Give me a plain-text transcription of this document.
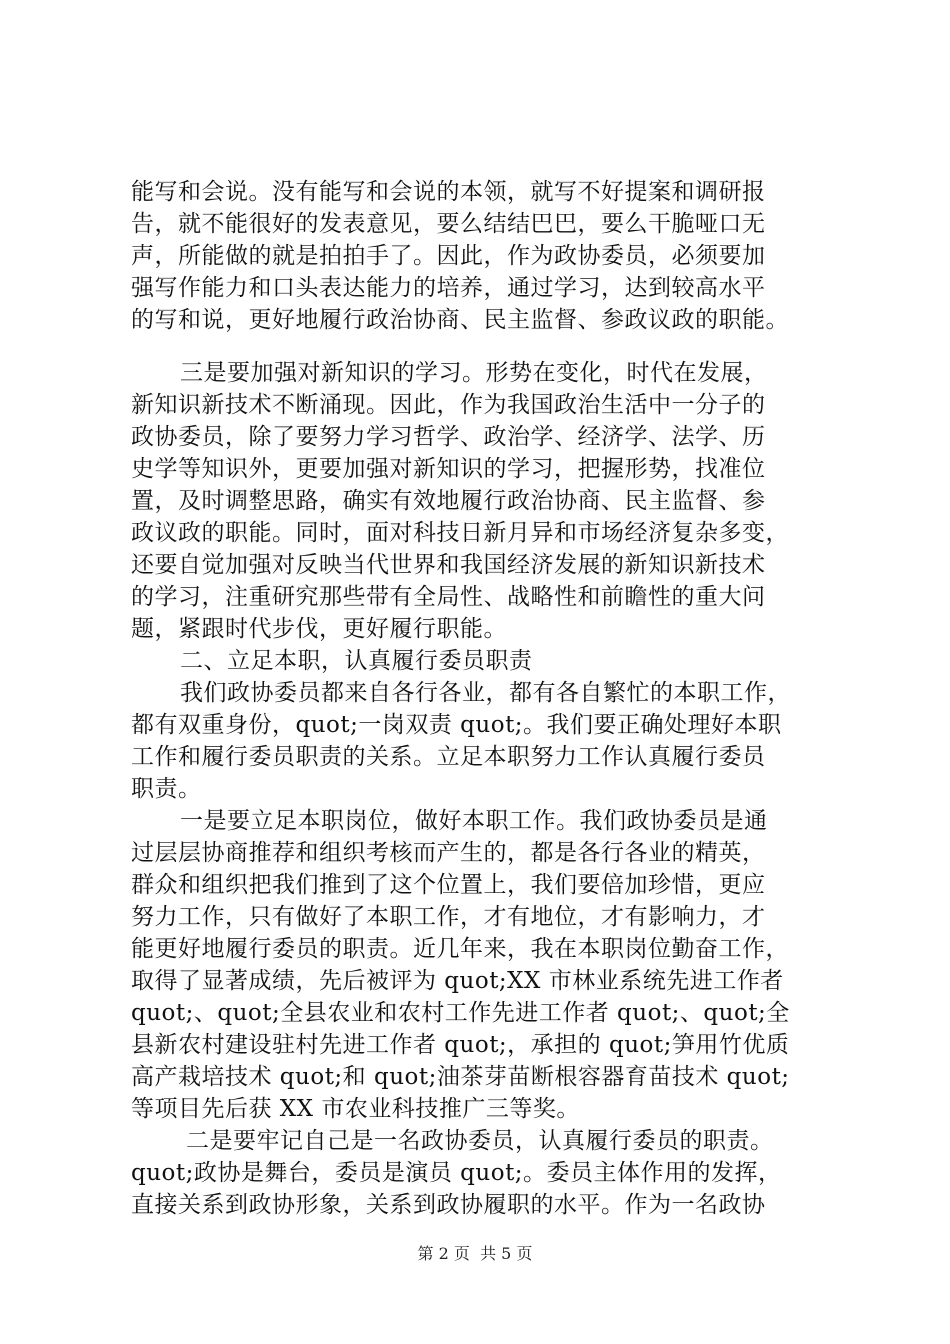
能写和会说。没有能写和会说的本领，就写不好提案和调研报
告，就不能很好的发表意见，要么结结巴巴，要么干脆哑口无
声，所能做的就是拍拍手了。因此，作为政协委员，必须要加
强写作能力和口头表达能力的培养，通过学习，达到较高水平
的写和说，更好地履行政治协商、民主监督、参政议政的职能。
三是要加强对新知识的学习。形势在变化，时代在发展，
新知识新技术不断涌现。因此，作为我国政治生活中一分子的
政协委员，除了要努力学习哲学、政治学、经济学、法学、历
史学等知识外，更要加强对新知识的学习，把握形势，找准位
置，及时调整思路，确实有效地履行政治协商、民主监督、参
政议政的职能。同时，面对科技日新月异和市场经济复杂多变，
还要自觉加强对反映当代世界和我国经济发展的新知识新技术
的学习，注重研究那些带有全局性、战略性和前瞻性的重大问
题，紧跟时代步伐，更好履行职能。
二、立足本职，认真履行委员职责
我们政协委员都来自各行各业，都有各自繁忙的本职工作，
都有双重身份，quot;一岗双责 quot;。我们要正确处理好本职
工作和履行委员职责的关系。立足本职努力工作认真履行委员
职责。
一是要立足本职岗位，做好本职工作。我们政协委员是通
过层层协商推荐和组织考核而产生的，都是各行各业的精英，
群众和组织把我们推到了这个位置上，我们要倍加珍惜，更应
努力工作，只有做好了本职工作，才有地位，才有影响力，才
能更好地履行委员的职责。近几年来，我在本职岗位勤奋工作，
取得了显著成绩，先后被评为 quot;XX 市林业系统先进工作者
quot;、quot;全县农业和农村工作先进工作者 quot;、quot;全
县新农村建设驻村先进工作者 quot;，承担的 quot;笋用竹优质
高产栽培技术 quot;和 quot;油茶芽苗断根容器育苗技术 quot;
等项目先后获 XX 市农业科技推广三等奖。
二是要牢记自己是一名政协委员，认真履行委员的职责。
quot;政协是舞台，委员是演员 quot;。委员主体作用的发挥，
直接关系到政协形象，关系到政协履职的水平。作为一名政协
第 2 页  共 5 页
